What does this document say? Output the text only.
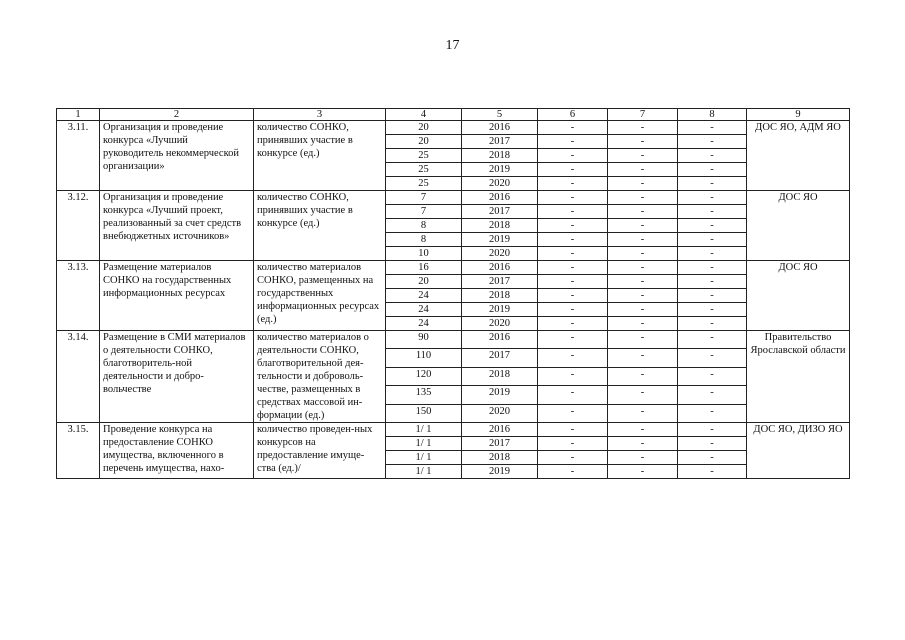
17
1	2	3	4	5	6	7	8	9
3.11.	Организация и проведение конкурса «Лучший руководитель некоммерческой организации»	количество СОНКО, принявших участие в конкурсе (ед.)	20	2016	-	-	-	ДОС ЯО, АДМ ЯО
			20	2017	-	-	-	
			25	2018	-	-	-	
			25	2019	-	-	-	
			25	2020	-	-	-	
3.12.	Организация и проведение конкурса «Лучший проект, реализованный за счет средств внебюджетных источников»	количество СОНКО, принявших участие в конкурсе (ед.)	7	2016	-	-	-	ДОС ЯО
			7	2017	-	-	-	
			8	2018	-	-	-	
			8	2019	-	-	-	
			10	2020	-	-	-	
3.13.	Размещение материалов СОНКО на государственных информационных ресурсах	количество материалов СОНКО, размещенных на государственных информационных ресурсах (ед.)	16	2016	-	-	-	ДОС ЯО
			20	2017	-	-	-	
			24	2018	-	-	-	
			24	2019	-	-	-	
			24	2020	-	-	-	
3.14.	Размещение в СМИ материалов о деятельности СОНКО, благотворитель-ной деятельности и добро-вольчестве	количество материалов о деятельности СОНКО, благотворительной дея-тельности и доброволь-честве, размещенных в средствах массовой ин-формации (ед.)	90	2016	-	-	-	Правительство Ярославской области
			110	2017	-	-	-	
			120	2018	-	-	-	
			135	2019	-	-	-	
			150	2020	-	-	-	
3.15.	Проведение конкурса на предоставление СОНКО имущества, включенного в перечень имущества, нахо-	количество проведен-ных конкурсов на предоставление имуще-ства (ед.)/	1/ 1	2016	-	-	-	ДОС ЯО, ДИЗО ЯО
			1/ 1	2017	-	-	-	
			1/ 1	2018	-	-	-	
			1/ 1	2019	-	-	-	
